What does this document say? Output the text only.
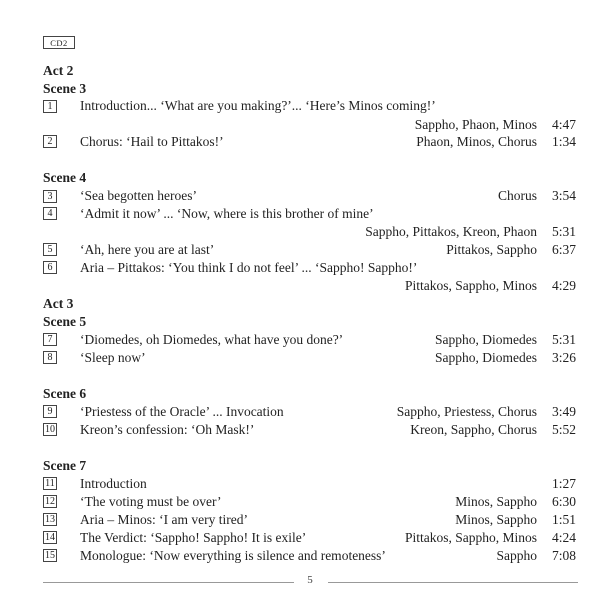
CD2
Act 2
Scene 3
1	Introduction... ‘What are you making?’... ‘Here’s Minos coming!’
Sappho, Phaon, Minos 4:47
2	Chorus: ‘Hail to Pittakos!’	Phaon, Minos, Chorus 1:34
Scene 4
3	‘Sea begotten heroes’	Chorus 3:54
4	‘Admit it now’ ... ‘Now, where is this brother of mine’
Sappho, Pittakos, Kreon, Phaon 5:31
5	‘Ah, here you are at last’	Pittakos, Sappho 6:37
6	Aria – Pittakos: ‘You think I do not feel’ ... ‘Sappho! Sappho!’
Pittakos, Sappho, Minos 4:29
Act 3
Scene 5
7	‘Diomedes, oh Diomedes, what have you done?’	Sappho, Diomedes 5:31
8	‘Sleep now’	Sappho, Diomedes 3:26
Scene 6
9	‘Priestess of the Oracle’ ... Invocation	Sappho, Priestess, Chorus 3:49
10 Kreon’s confession: ‘Oh Mask!’	Kreon, Sappho, Chorus 5:52
Scene 7
11 Introduction	1:27
12 ‘The voting must be over’	Minos, Sappho 6:30
13 Aria – Minos: ‘I am very tired’	Minos, Sappho 1:51
14 The Verdict: ‘Sappho! Sappho! It is exile’	Pittakos, Sappho, Minos 4:24
15 Monologue: ‘Now everything is silence and remoteness’	Sappho 7:08
5
